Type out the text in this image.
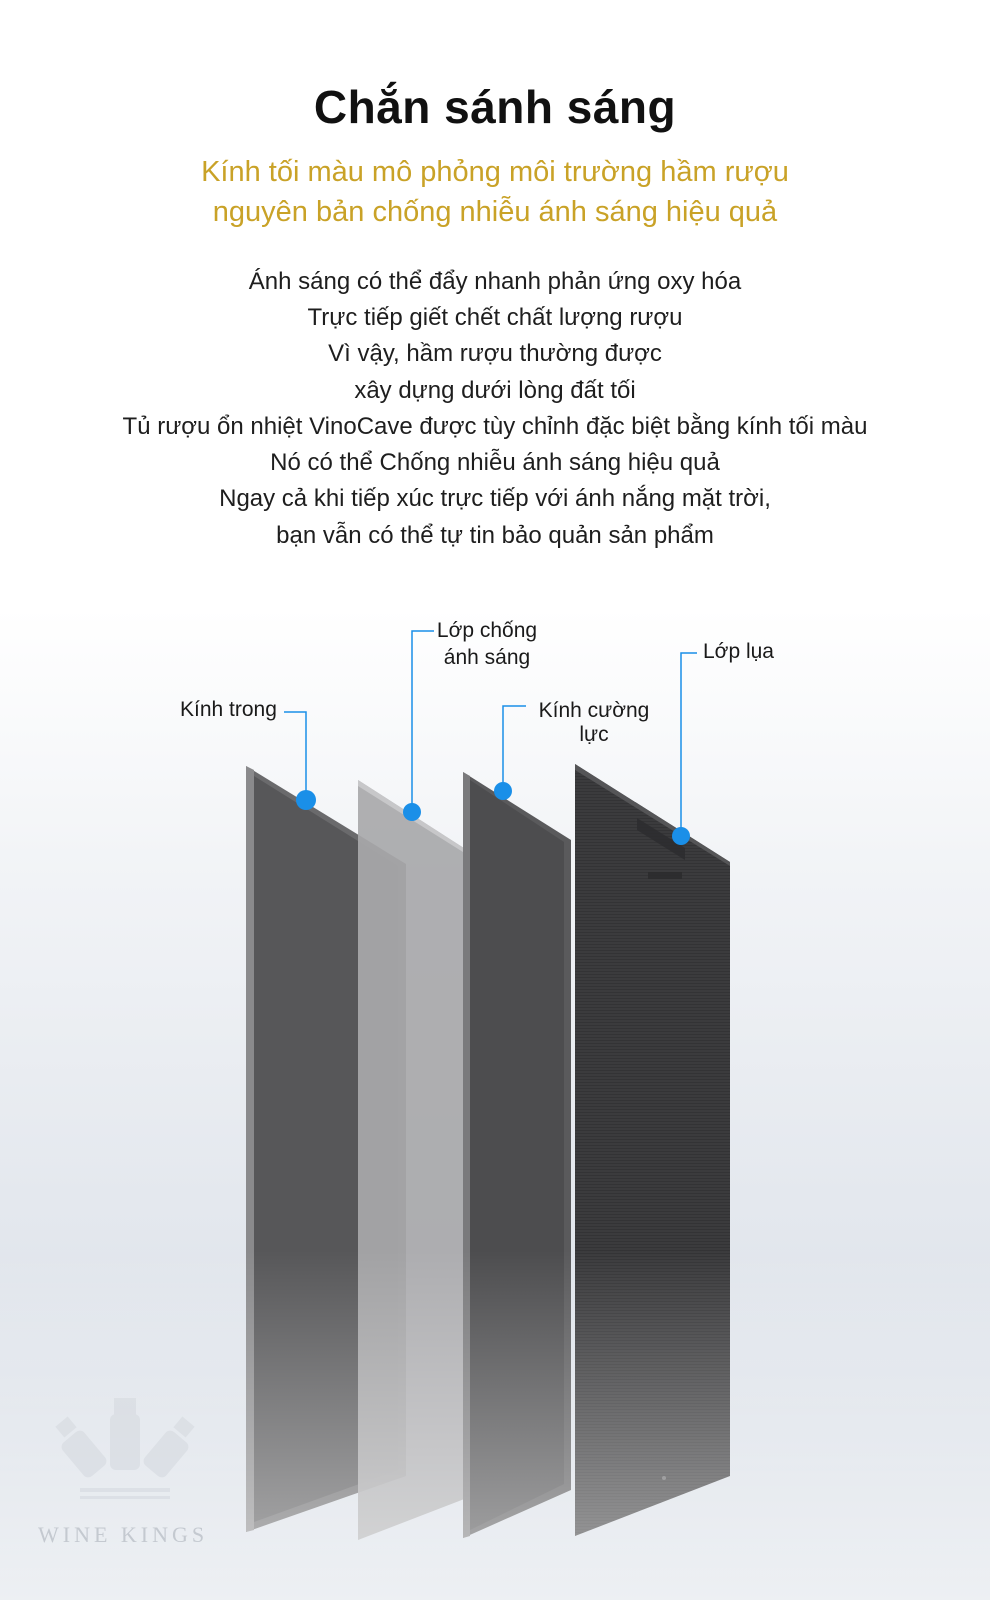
Chắn sánh sáng
Kính tối màu mô phỏng môi trường hầm rượu
nguyên bản chống nhiễu ánh sáng hiệu quả
Ánh sáng có thể đẩy nhanh phản ứng oxy hóa
Trực tiếp giết chết chất lượng rượu
Vì vậy, hầm rượu thường được
xây dựng dưới lòng đất tối
Tủ rượu ổn nhiệt VinoCave được tùy chỉnh đặc biệt bằng kính tối màu
Nó có thể Chống nhiễu ánh sáng hiệu quả
Ngay cả khi tiếp xúc trực tiếp với ánh nắng mặt trời,
bạn vẫn có thể tự tin bảo quản sản phẩm
Kính trong
Lớp chống
ánh sáng
Kính cường
lực
Lớp lụa
WINE KINGS
